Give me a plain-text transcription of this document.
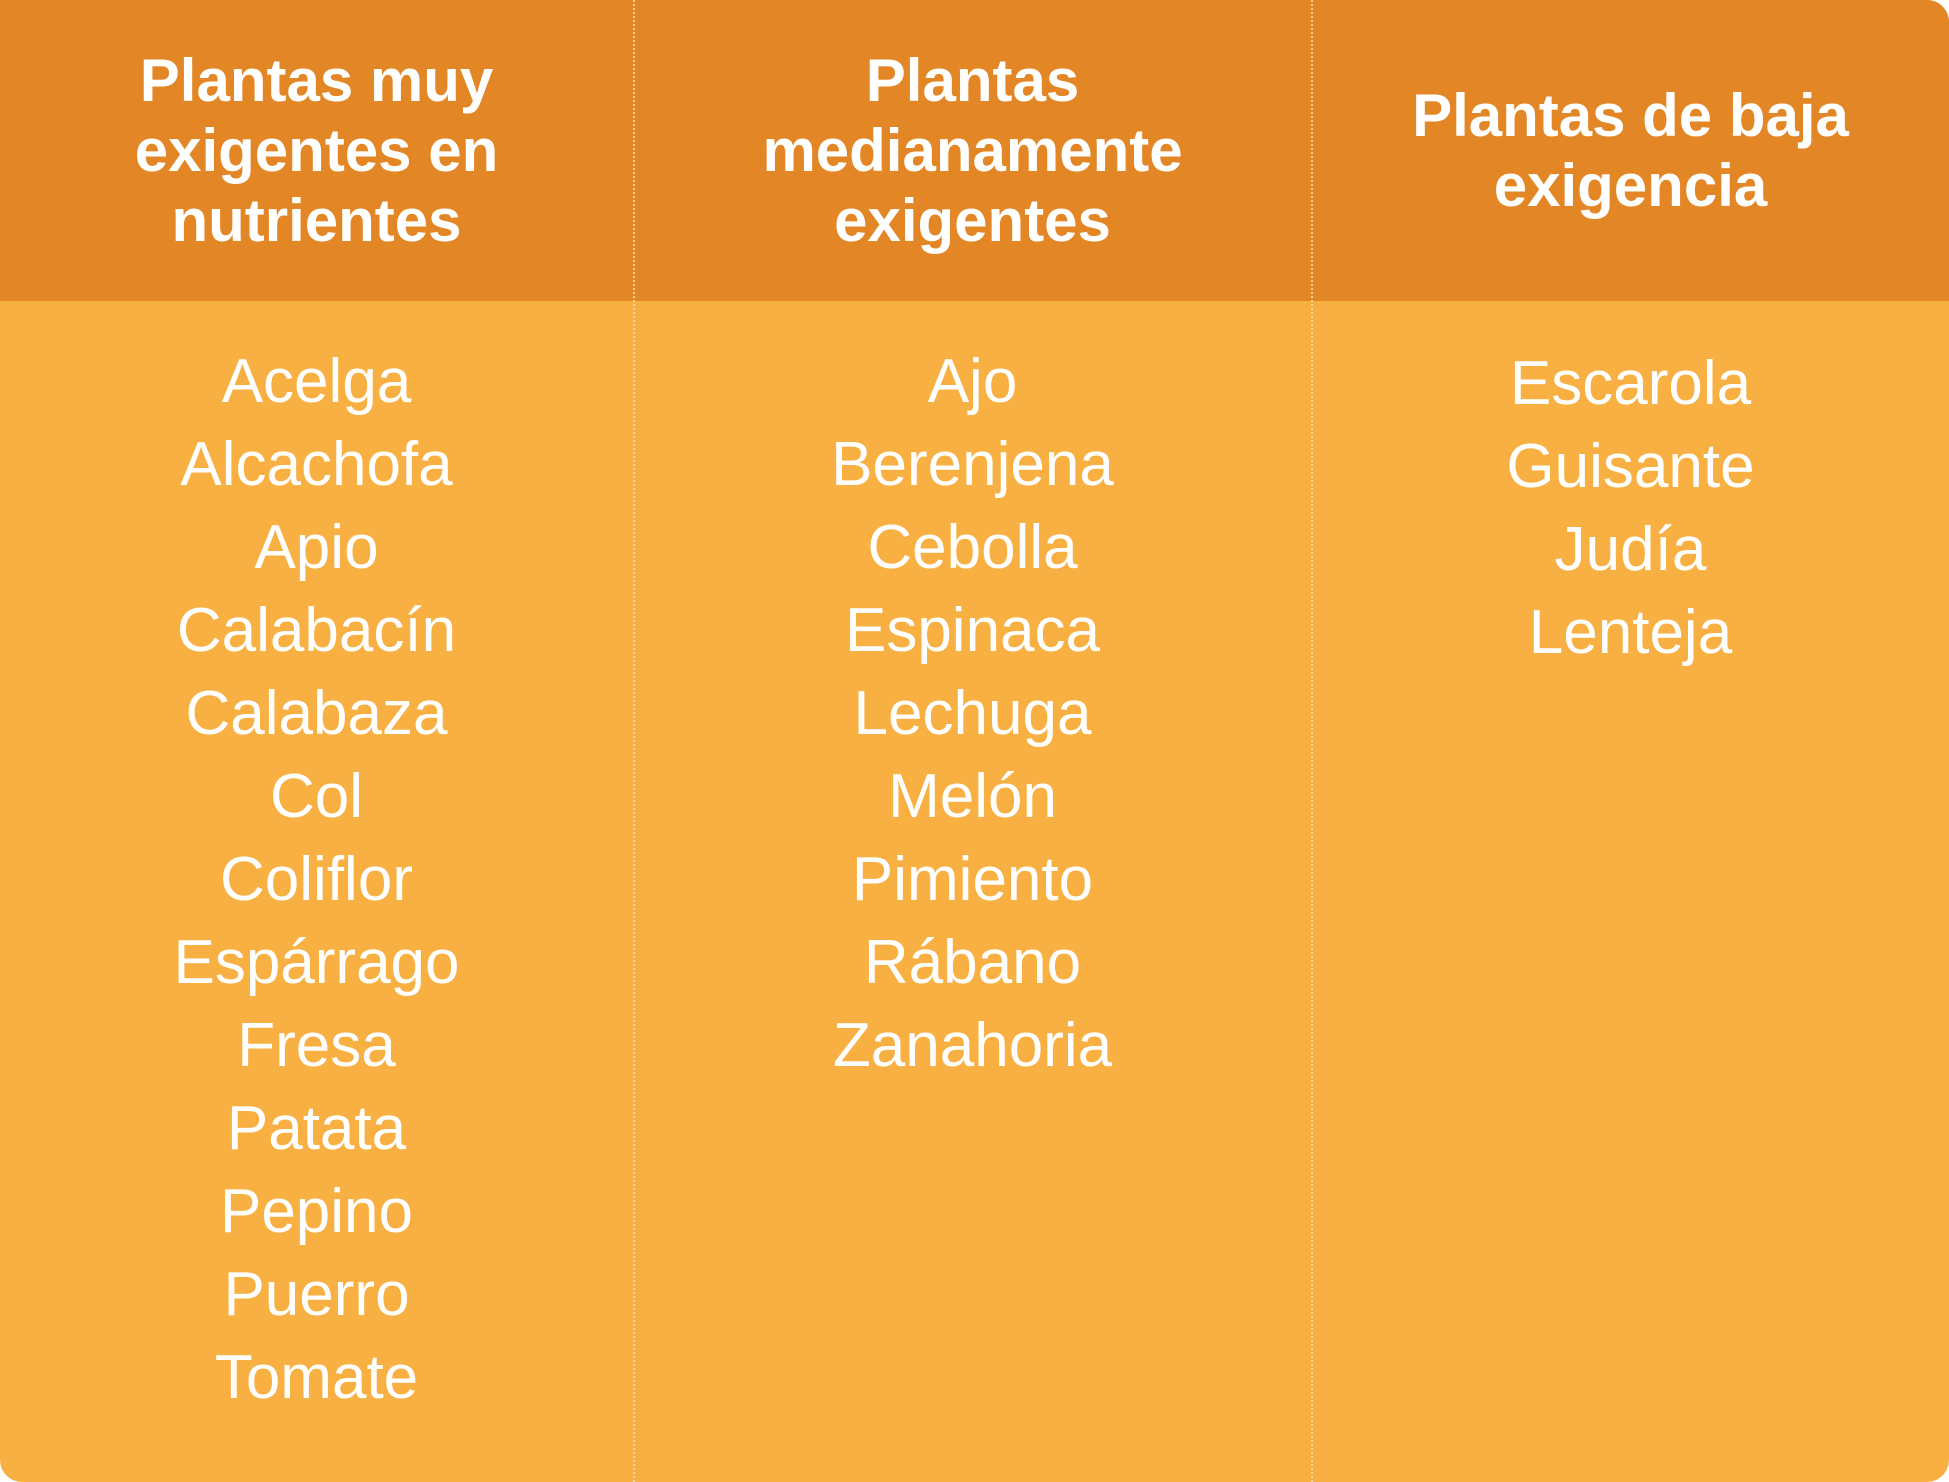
Plantas muy exigentes en nutrientes
Acelga
Alcachofa
Apio
Calabacín
Calabaza
Col
Coliflor
Espárrago
Fresa
Patata
Pepino
Puerro
Tomate
Plantas medianamente exigentes
Ajo
Berenjena
Cebolla
Espinaca
Lechuga
Melón
Pimiento
Rábano
Zanahoria
Plantas de baja exigencia
Escarola
Guisante
Judía
Lenteja
